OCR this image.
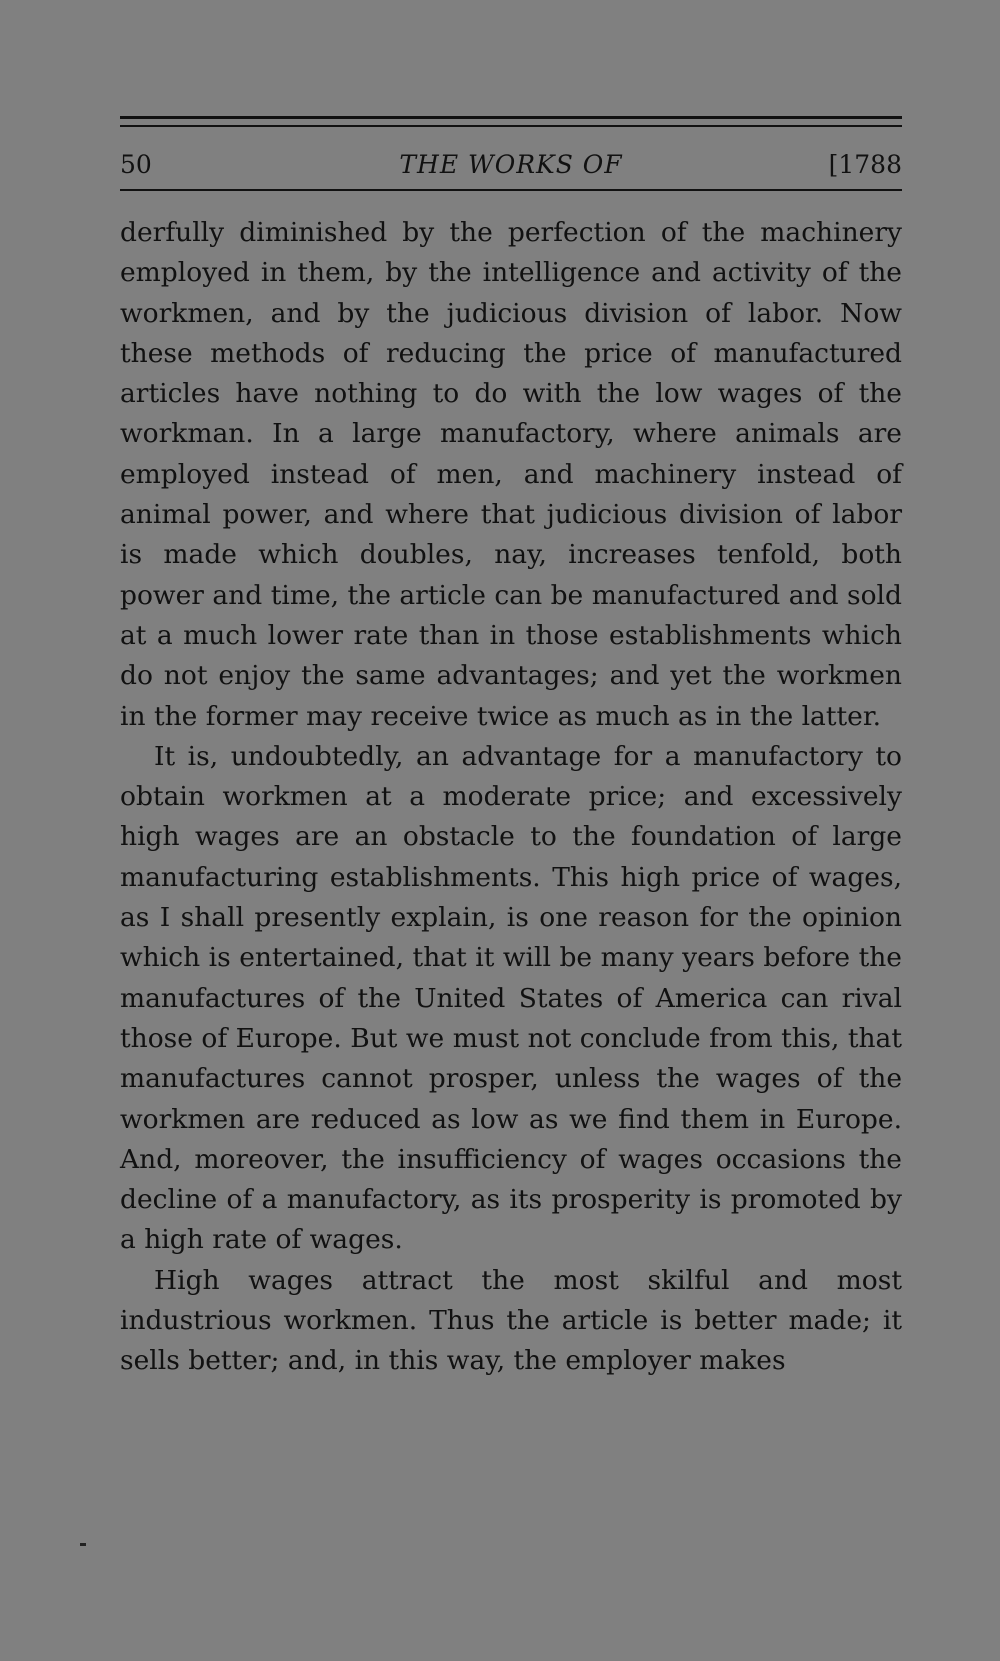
50	THE WORKS OF	[1788

derfully diminished by the perfection of the machinery employed in them, by the intelligence and activity of the workmen, and by the judicious division of labor. Now these methods of reducing the price of manufactured articles have nothing to do with the low wages of the workman. In a large manufactory, where animals are employed instead of men, and machinery instead of animal power, and where that judicious division of labor is made which doubles, nay, increases tenfold, both power and time, the article can be manufactured and sold at a much lower rate than in those establishments which do not enjoy the same advantages; and yet the workmen in the former may receive twice as much as in the latter.

It is, undoubtedly, an advantage for a manufactory to obtain workmen at a moderate price; and excessively high wages are an obstacle to the foundation of large manufacturing establishments. This high price of wages, as I shall presently explain, is one reason for the opinion which is entertained, that it will be many years before the manufactures of the United States of America can rival those of Europe. But we must not conclude from this, that manufactures cannot prosper, unless the wages of the workmen are reduced as low as we find them in Europe. And, moreover, the insufficiency of wages occasions the decline of a manufactory, as its prosperity is promoted by a high rate of wages.

High wages attract the most skilful and most industrious workmen. Thus the article is better made; it sells better; and, in this way, the employer makes
